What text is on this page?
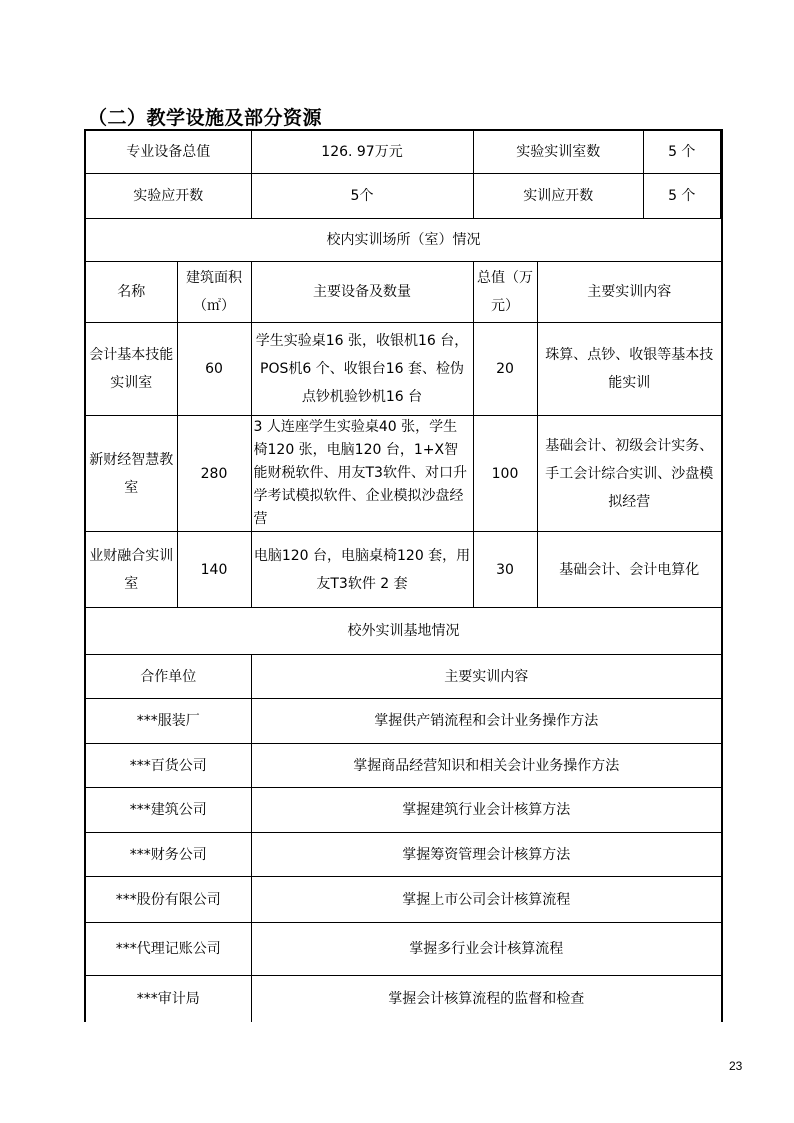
（二）教学设施及部分资源
专业设备总值	126. 97万元		实验实训室数	5 个

实验应开数	5个		实训应开数	5 个

校内实训场所（室）情况
名称	建筑面积（㎡）	主要设备及数量	总值（万元）	主要实训内容
会计基本技能实训室	60	学生实验桌16 张，收银机16 台，POS机6 个、收银台16 套、检伪点钞机验钞机16 台	20	珠算、点钞、收银等基本技能实训
新财经智慧教室	280	3 人连座学生实验桌40 张，学生椅120 张，电脑120 台，1+X智能财税软件、用友T3软件、对口升学考试模拟软件、企业模拟沙盘经营	100	基础会计、初级会计实务、手工会计综合实训、沙盘模拟经营
业财融合实训室	140	电脑120 台，电脑桌椅120 套，用友T3软件 2 套	30	基础会计、会计电算化
校外实训基地情况
合作单位	主要实训内容
***服装厂	掌握供产销流程和会计业务操作方法
***百货公司	掌握商品经营知识和相关会计业务操作方法
***建筑公司	掌握建筑行业会计核算方法
***财务公司	掌握筹资管理会计核算方法
***股份有限公司	掌握上市公司会计核算流程
***代理记账公司	掌握多行业会计核算流程
***审计局	掌握会计核算流程的监督和检查
23
